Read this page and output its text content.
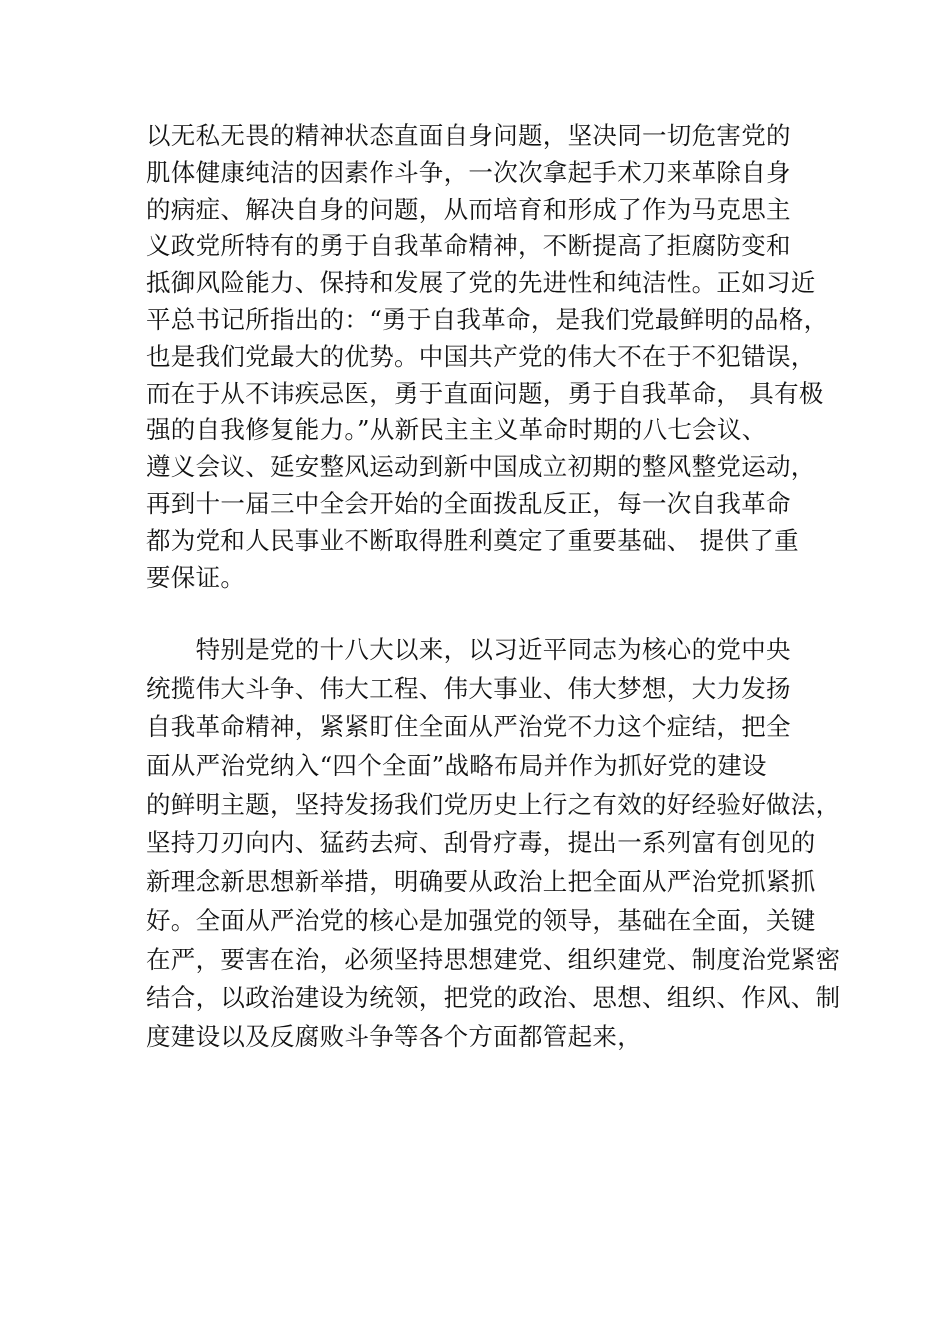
以无私无畏的精神状态直面自身问题，坚决同一切危害党的
肌体健康纯洁的因素作斗争，一次次拿起手术刀来革除自身
的病症、解决自身的问题，从而培育和形成了作为马克思主
义政党所特有的勇于自我革命精神，不断提高了拒腐防变和
抵御风险能力、保持和发展了党的先进性和纯洁性。正如习近
平总书记所指出的：“勇于自我革命，是我们党最鲜明的品格，
也是我们党最大的优势。中国共产党的伟大不在于不犯错误，
而在于从不讳疾忌医，勇于直面问题，勇于自我革命， 具有极
强的自我修复能力。”从新民主主义革命时期的八七会议、
遵义会议、延安整风运动到新中国成立初期的整风整党运动，
再到十一届三中全会开始的全面拨乱反正，每一次自我革命
都为党和人民事业不断取得胜利奠定了重要基础、 提供了重
要保证。
　　特别是党的十八大以来，以习近平同志为核心的党中央
统揽伟大斗争、伟大工程、伟大事业、伟大梦想，大力发扬
自我革命精神，紧紧盯住全面从严治党不力这个症结，把全
面从严治党纳入“四个全面”战略布局并作为抓好党的建设
的鲜明主题，坚持发扬我们党历史上行之有效的好经验好做法，
坚持刀刃向内、猛药去疴、刮骨疗毒，提出一系列富有创见的
新理念新思想新举措，明确要从政治上把全面从严治党抓紧抓
好。全面从严治党的核心是加强党的领导，基础在全面，关键
在严，要害在治，必须坚持思想建党、组织建党、制度治党紧密
结合，以政治建设为统领，把党的政治、思想、组织、作风、制
度建设以及反腐败斗争等各个方面都管起来，
